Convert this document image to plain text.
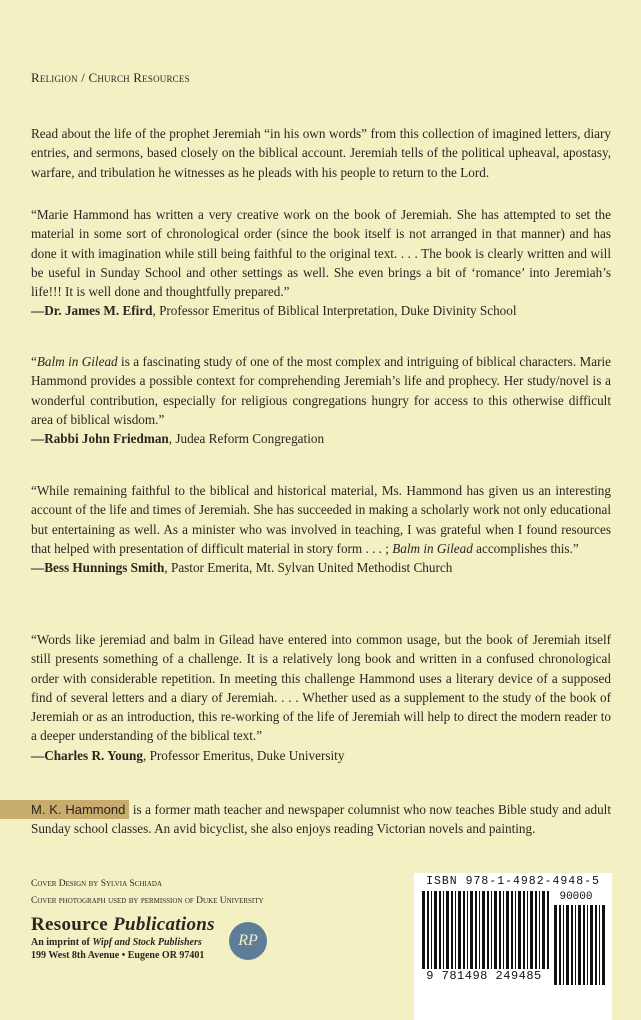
Religion / Church Resources

Read about the life of the prophet Jeremiah “in his own words” from this collection of imagined letters, diary entries, and sermons, based closely on the biblical account. Jeremiah tells of the political upheaval, apostasy, warfare, and tribulation he witnesses as he pleads with his people to return to the Lord.

“Marie Hammond has written a very creative work on the book of Jeremiah. She has attempted to set the material in some sort of chronological order (since the book itself is not arranged in that manner) and has done it with imagination while still being faithful to the original text. . . . The book is clearly written and will be useful in Sunday School and other settings as well. She even brings a bit of ‘romance’ into Jeremiah’s life!!! It is well done and thoughtfully prepared.”
—Dr. James M. Efird, Professor Emeritus of Biblical Interpretation, Duke Divinity School

“Balm in Gilead is a fascinating study of one of the most complex and intriguing of biblical characters. Marie Hammond provides a possible context for comprehending Jeremiah’s life and prophecy. Her study/novel is a wonderful contribution, especially for religious congregations hungry for access to this otherwise difficult area of biblical wisdom.”
—Rabbi John Friedman, Judea Reform Congregation

“While remaining faithful to the biblical and historical material, Ms. Hammond has given us an interesting account of the life and times of Jeremiah. She has succeeded in making a scholarly work not only educational but entertaining as well. As a minister who was involved in teaching, I was grateful when I found resources that helped with presentation of difficult material in story form . . . ; Balm in Gilead accomplishes this.”
—Bess Hunnings Smith, Pastor Emerita, Mt. Sylvan United Methodist Church

“Words like jeremiad and balm in Gilead have entered into common usage, but the book of Jeremiah itself still presents something of a challenge. It is a relatively long book and written in a confused chronological order with considerable repetition. In meeting this challenge Hammond uses a literary device of a supposed find of several letters and a diary of Jeremiah. . . . Whether used as a supplement to the study of the book of Jeremiah or as an introduction, this re-working of the life of Jeremiah will help to direct the modern reader to a deeper understanding of the biblical text.”
—Charles R. Young, Professor Emeritus, Duke University

M. K. Hammond is a former math teacher and newspaper columnist who now teaches Bible study and adult Sunday school classes. An avid bicyclist, she also enjoys reading Victorian novels and painting.

Cover Design by Sylvia Schiada
Cover photograph used by permission of Duke University
Resource Publications
An imprint of Wipf and Stock Publishers
199 West 8th Avenue • Eugene OR 97401
RP
ISBN 978-1-4982-4948-5
90000
9 781498 249485
